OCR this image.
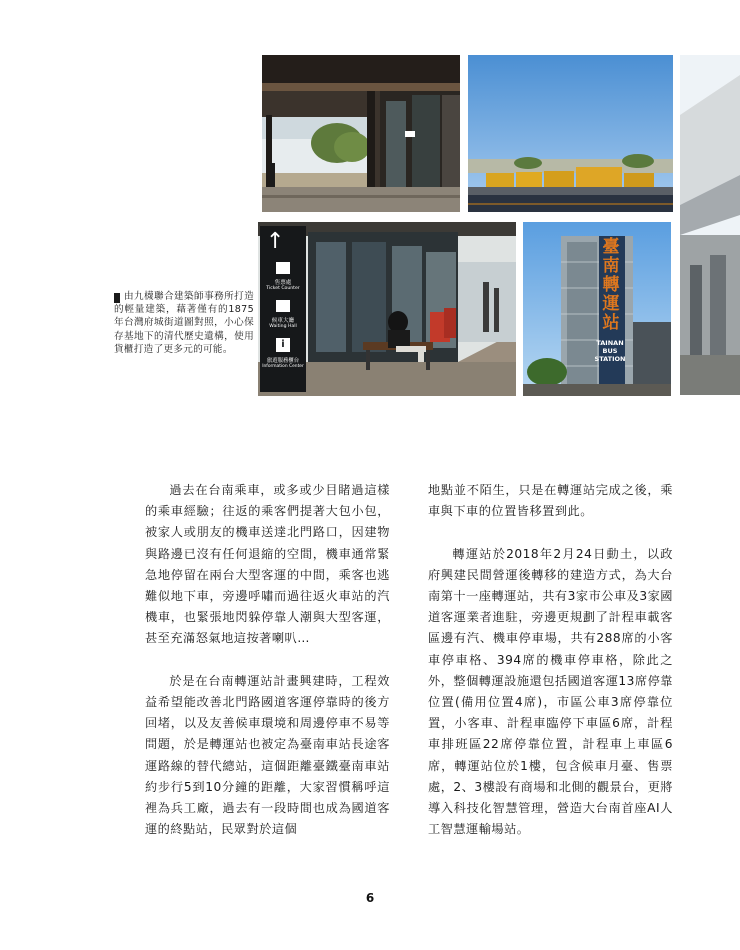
↑
售票處
Ticket Counter
候車大廳
Waiting Hall
i
旅遊服務櫃台
Information Center
臺南轉運站
TAINAN
BUS
STATION
由九櫗聯合建築師事務所打造的輕量建築，藉著僅有的1875年台灣府城街道圖對照，小心保存基地下的清代歷史遺構，使用貨櫃打造了更多元的可能。

過去在台南乘車，或多或少目睹過這樣的乘車經驗；往返的乘客們提著大包小包，被家人或朋友的機車送達北門路口，因建物與路邊已沒有任何退縮的空間，機車通常緊急地停留在兩台大型客運的中間，乘客也逃難似地下車，旁邊呼嘯而過往返火車站的汽機車，也緊張地閃躲停靠人潮與大型客運，甚至充滿怒氣地這按著喇叭…

於是在台南轉運站計畫興建時，工程效益希望能改善北門路國道客運停靠時的後方回堵，以及友善候車環境和周邊停車不易等問題，於是轉運站也被定為臺南車站長途客運路線的替代總站，這個距離臺鐵臺南車站約步行5到10分鐘的距離，大家習慣稱呼這裡為兵工廠，過去有一段時間也成為國道客運的終點站，民眾對於這個

地點並不陌生，只是在轉運站完成之後，乘車與下車的位置皆移置到此。

轉運站於2018年2月24日動土，以政府興建民間營運後轉移的建造方式，為大台南第十一座轉運站，共有3家市公車及3家國道客運業者進駐，旁邊更規劃了計程車載客區邊有汽、機車停車場，共有288席的小客車停車格、394席的機車停車格，除此之外，整個轉運設施還包括國道客運13席停靠位置(備用位置4席)，市區公車3席停靠位置，小客車、計程車臨停下車區6席，計程車排班區22席停靠位置，計程車上車區6席，轉運站位於1樓，包含候車月臺、售票處，2、3樓設有商場和北側的觀景台，更將導入科技化智慧管理，營造大台南首座AI人工智慧運輸場站。

6
